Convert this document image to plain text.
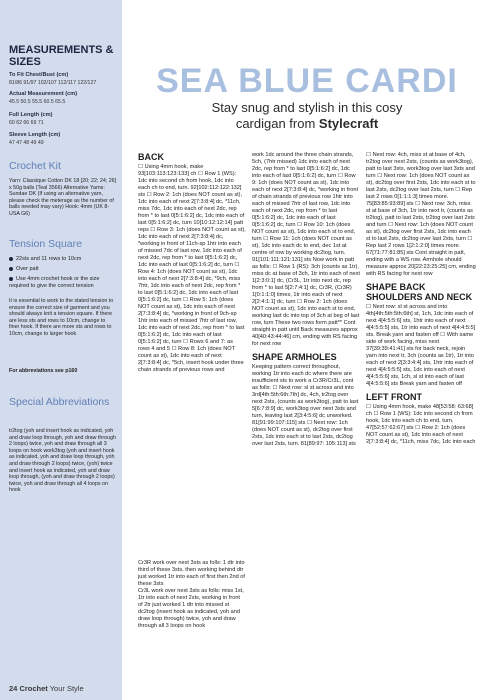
MEASUREMENTS & SIZES
To Fit Chest/Bust (cm)
81/86 91/97 102/107 112/117 122/127
Actual Measurement (cm)
45.5 50.5 55.5 60.5 65.5
Full Length (cm)
60 62 66 69 71
Sleeve Length (cm)
47 47 48 49 49
Crochet Kit
Yarn: Classique Cotton DK 18 [20; 22; 24; 26] x 50g balls (Teal 3566) Alternative Yarns: Sundae DK (If using an alternative yarn, please check the meterage as the number of balls needed may vary) Hook: 4mm (UK 8-USA G6)
Tension Square
22sts and 11 rows to 10cm
Over patt
Use 4mm crochet hook or the size required to give the correct tension
It is essential to work to the stated tension to ensure the correct size of garment and you should always knit a tension square. If there are less sts and rows to 10cm, change to finer hook. If there are more sts and rows to 10cm, change to larger hook
For abbreviations see p160
Special Abbreviations
tr2tog (yoh and insert hook as indicated, yoh and draw loop through, yoh and draw through 2 loops) twice, yoh and draw through all 3 loops on hook work3tog (yoh and insert hook as indicated, yoh and draw loop through, yoh and draw through 2 loops) twice, (yoh) twice and insert hook as indicated, yoh and draw loop through, (yoh and draw through 2 loops) twice, yoh and draw through all 4 loops on hook
SEA BLUE CARDI
Stay snug and stylish in this cosy
cardigan from Stylecraft
BACK
☐ Using 4mm hook, make 93[103:113:123:133] ch ☐ Row 1 (WS): 1dc into second ch from hook, 1dc into each ch to end, turn. 92[102:112:122:132] sts ☐ Row 2: 1ch (does NOT count as st), 1dc into each of next 2[7:3:8:4] dc, *11ch, miss 7dc, 1dc into each of next 2dc, rep from * to last 0[5:1:6:2] dc, 1dc into each of last 0[5:1:6:2] dc, turn 10[10:12:12:14] patt reps ☐ Row 3: 1ch (does NOT count as st), 1dc into each of next 2[7:3:8:4] dc, *working in front of 11ch-sp 1htr into each of missed 7dc of last row, 1dc into each of next 2dc, rep from * to last 0[5:1:6:2] dc, 1dc into each of last 0[5:1:6:2] dc, turn ☐ Row 4: 1ch (does NOT count as st), 1dc into each of next 2[7:3:8:4] dc, *9ch, miss 7htr, 1dc into each of next 2dc, rep from * to last 0[5:1:6:2] dc, 1dc into each of last 0[5:1:6:2] dc, turn ☐ Row 5: 1ch (does NOT count as st), 1dc into each of next 2[7:3:8:4] dc, *working in front of 9ch-sp 1htr into each of missed 7htr of last row, 1dc into each of next 2dc, rep from * to last 0[5:1:6:2] dc, 1dc into each of last 0[5:1:6:2] dc, turn ☐ Rows 6 and 7: as rows 4 and 5 ☐ Row 8: 1ch (does NOT count as st), 1dc into each of next 2[7:3:8:4] dc, *5ch, insert hook under three chain strands of previous rows and
Cr3R work over next 3sts as folls: 1 dtr into third of these 3sts, then working behind dtr just worked 1tr into each of first then 2nd of these 3sts
Cr3L work over next 3sts as folls: miss 1st, 1tr into each of next 2sts, working in front of 2tr just worked 1 dtr into missed st
dc2tog (insert hook as indicated, yoh and draw loop through) twice, yoh and draw through all 3 loops on hook
work 1dc around the three chain strands, 5ch, (7htr missed) 1dc into each of next 2dc, rep from * to last 0[5:1:6:2] dc, 1dc into each of last 0[5:1:6:2] dc, turn ☐ Row 9: 1ch (does NOT count as st), 1dc into each of next 2[7:3:8:4] dc, *working in front of chain strands of previous row 1htr into each of missed 7htr of last row, 1dc into each of next 2dc, rep from * to last 0[5:1:6:2] dc, 1dc into each of last 0[5:1:6:2] dc, turn ☐ Row 10: 1ch (does NOT count as st), 1dc into each st to end, turn ☐ Row 11: 1ch (does NOT count as st), 1dc into each dc to end, dec 1st at centre of row by working dc2tog, turn. 91[101:111:121:131] sts Now work in patt as folls: ☐ Row 1 (RS): 3ch (counts as 1tr), miss dc at base of 3ch, 1tr into each of next 1[2:3:0:1] dc, (Cr3L, 1tr into next dc, rep from * to last 5[2:7:4:1] dc, Cr3R, (Cr3R) 1[0:1:1:0] times, 1tr into each of next 2[2:4:1:1] dc, turn ☐ Row 2: 1ch (does NOT count as st), 1dc into each st to end, working last dc into top of 3ch at beg of last row, turn These two rows form patt** Cont straight in patt until Back measures approx 40[40:43:44:46] cm, ending with RS facing for next row
SHAPE ARMHOLES
Keeping pattern correct throughout, working 1tr into each dc where there are insufficient sts to work a Cr3R/Cr3L, cont as folls: ☐ Next row: sl st across and into 3rd[4th:5th:6th:7th] dc, 4ch, tr2tog over next 2sts, (counts as work3tog), patt to last 5[6:7:8:9] dc, work3tog over next 3sts and turn, leaving last 2[3:4:5:6] dc unworked. 81[91:99:107:115] sts ☐ Next row: 1ch (does NOT count as st), dc2tog over first 2sts, 1dc into each st to last 2sts, dc2tog over last 2sts, turn. 81[89:97: 105:113] sts
☐ Next row: 4ch, miss st at base of 4ch, tr2tog over next 2sts, (counts as work3tog), patt to last 3sts, work3tog over last 3sts and turn ☐ Next row: 1ch (does NOT count as st), dc2tog over first 2sts, 1dc into each st to last 2sts, dc2tog over last 2sts, turn ☐ Rep last 2 rows 0[1:1:1:3] times more. 75[83:85:93:89] sts ☐ Next row: 3ch, miss st at base of 3ch, 1tr into next tr, (counts as tr2tog), patt to last 2sts, tr2tog over last 2sts and turn ☐ Next row: 1ch (does NOT count as st), dc2tog over first 2sts, 1dc into each st to last 2sts, dc2tog over last 2sts, turn ☐ Rep last 2 rows 1[2:1:2:0] times more. 67[71:77:81:85] sts Cont straight in patt, ending with a WS row. Armhole should measure approx 20[22:23:25:25] cm, ending with RS facing for next row
SHAPE BACK SHOULDERS AND NECK
☐ Next row: sl st across and into 4th[4th:5th:5th:6th] st, 1ch, 1dc into each of next 4[4:5:5:6] sts, 1htr into each of next 4[4:5:5:5] sts, 1tr into each of next 4[4:4:5:5] sts. Break yarn and fasten off ☐ With same side of work facing, miss next 37[39:39:41:41] sts for back neck, rejoin yarn into next tr, 3ch (counts as 1tr), 1tr into each of next 2[3:3:4:4] sts, 1htr into each of next 4[4:5:5:5] sts, 1dc into each of next 4[4:5:5:6] sts, 1ch, sl st into each of last 4[4:5:5:6] sts Break yarn and fasten off
LEFT FRONT
☐ Using 4mm hook, make 48[53:58: 63:68] ch ☐ Row 1 (WS): 1dc into second ch from hook, 1dc into each ch to end, turn. 47[52:57:62:67] sts ☐ Row 2: 1ch (does NOT count as st), 1dc into each of next 2[7:3:8:4] dc, *11ch, miss 7dc, 1dc into each
24 Crochet Your Style
